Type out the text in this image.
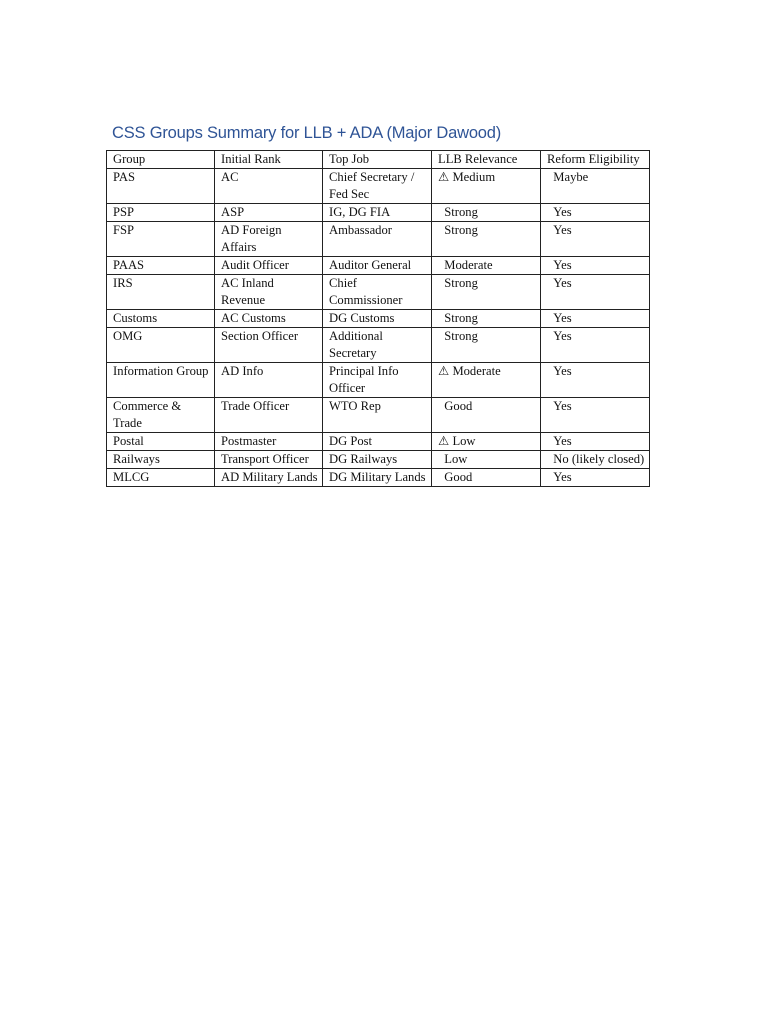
CSS Groups Summary for LLB + ADA (Major Dawood)
Group	Initial Rank	Top Job	LLB Relevance	Reform Eligibility
PAS	AC	Chief Secretary / Fed Sec	⚠ Medium	Maybe
PSP	ASP	IG, DG FIA	Strong	Yes
FSP	AD Foreign Affairs	Ambassador	Strong	Yes
PAAS	Audit Officer	Auditor General	Moderate	Yes
IRS	AC Inland Revenue	Chief Commissioner	Strong	Yes
Customs	AC Customs	DG Customs	Strong	Yes
OMG	Section Officer	Additional Secretary	Strong	Yes
Information Group	AD Info	Principal Info Officer	⚠ Moderate	Yes
Commerce & Trade	Trade Officer	WTO Rep	Good	Yes
Postal	Postmaster	DG Post	⚠ Low	Yes
Railways	Transport Officer	DG Railways	Low	No (likely closed)
MLCG	AD Military Lands	DG Military Lands	Good	Yes
